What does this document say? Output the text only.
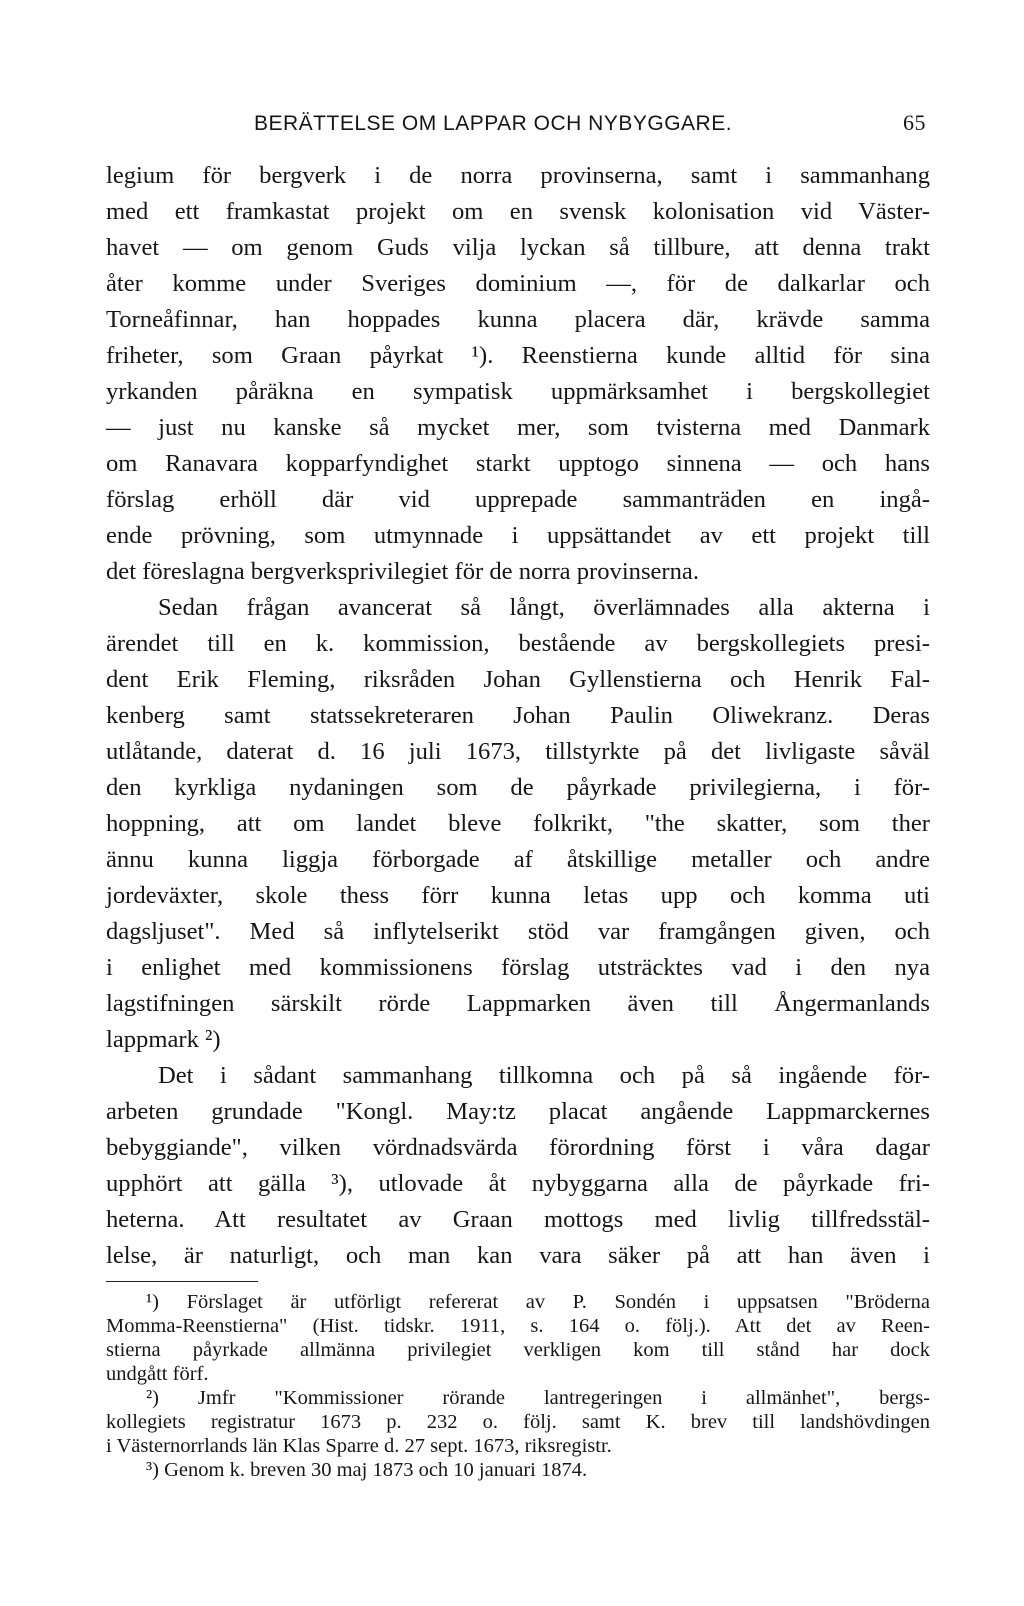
BERÄTTELSE OM LAPPAR OCH NYBYGGARE.	65
legium för bergverk i de norra provinserna, samt i sammanhang
med ett framkastat projekt om en svensk kolonisation vid Väster-
havet — om genom Guds vilja lyckan så tillbure, att denna trakt
åter komme under Sveriges dominium —, för de dalkarlar och
Torneåfinnar, han hoppades kunna placera där, krävde samma
friheter, som Graan påyrkat ¹). Reenstierna kunde alltid för sina
yrkanden påräkna en sympatisk uppmärksamhet i bergskollegiet
— just nu kanske så mycket mer, som tvisterna med Danmark
om Ranavara kopparfyndighet starkt upptogo sinnena — och hans
förslag erhöll där vid upprepade sammanträden en ingå-
ende prövning, som utmynnade i uppsättandet av ett projekt till
det föreslagna bergverksprivilegiet för de norra provinserna.
Sedan frågan avancerat så långt, överlämnades alla akterna i
ärendet till en k. kommission, bestående av bergskollegiets presi-
dent Erik Fleming, riksråden Johan Gyllenstierna och Henrik Fal-
kenberg samt statssekreteraren Johan Paulin Oliwekranz. Deras
utlåtande, daterat d. 16 juli 1673, tillstyrkte på det livligaste såväl
den kyrkliga nydaningen som de påyrkade privilegierna, i för-
hoppning, att om landet bleve folkrikt, "the skatter, som ther
ännu kunna liggja förborgade af åtskillige metaller och andre
jordeväxter, skole thess förr kunna letas upp och komma uti
dagsljuset". Med så inflytelserikt stöd var framgången given, och
i enlighet med kommissionens förslag utsträcktes vad i den nya
lagstifningen särskilt rörde Lappmarken även till Ångermanlands
lappmark ²)
Det i sådant sammanhang tillkomna och på så ingående för-
arbeten grundade "Kongl. May:tz placat angående Lappmarckernes
bebyggiande", vilken vördnadsvärda förordning först i våra dagar
upphört att gälla ³), utlovade åt nybyggarna alla de påyrkade fri-
heterna. Att resultatet av Graan mottogs med livlig tillfredsstäl-
lelse, är naturligt, och man kan vara säker på att han även i
¹) Förslaget är utförligt refererat av P. Sondén i uppsatsen "Bröderna
Momma-Reenstierna" (Hist. tidskr. 1911, s. 164 o. följ.). Att det av Reen-
stierna påyrkade allmänna privilegiet verkligen kom till stånd har dock
undgått förf.
²) Jmfr "Kommissioner rörande lantregeringen i allmänhet", bergs-
kollegiets registratur 1673 p. 232 o. följ. samt K. brev till landshövdingen
i Västernorrlands län Klas Sparre d. 27 sept. 1673, riksregistr.
³) Genom k. breven 30 maj 1873 och 10 januari 1874.
